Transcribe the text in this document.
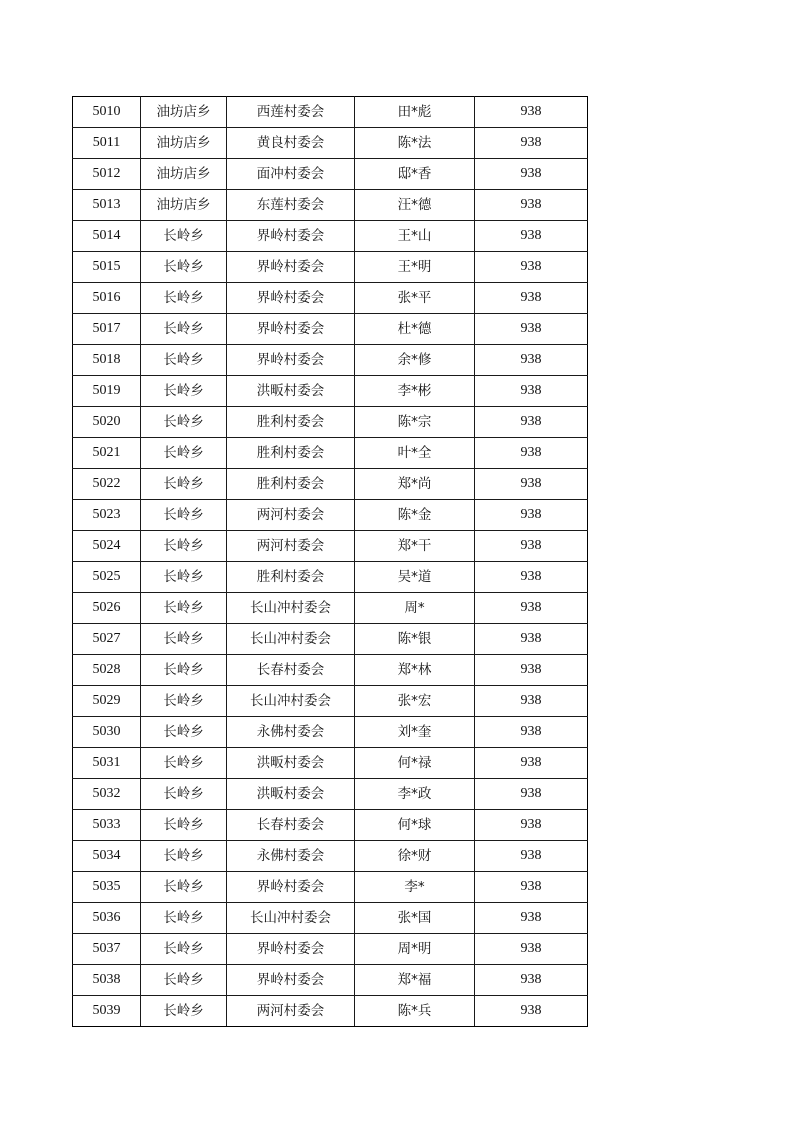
5010	油坊店乡	西莲村委会	田*彪	938
5011	油坊店乡	黄良村委会	陈*法	938
5012	油坊店乡	面冲村委会	邸*香	938
5013	油坊店乡	东莲村委会	汪*德	938
5014	长岭乡	界岭村委会	王*山	938
5015	长岭乡	界岭村委会	王*明	938
5016	长岭乡	界岭村委会	张*平	938
5017	长岭乡	界岭村委会	杜*德	938
5018	长岭乡	界岭村委会	余*修	938
5019	长岭乡	洪畈村委会	李*彬	938
5020	长岭乡	胜利村委会	陈*宗	938
5021	长岭乡	胜利村委会	叶*全	938
5022	长岭乡	胜利村委会	郑*尚	938
5023	长岭乡	两河村委会	陈*金	938
5024	长岭乡	两河村委会	郑*干	938
5025	长岭乡	胜利村委会	吴*道	938
5026	长岭乡	长山冲村委会	周*	938
5027	长岭乡	长山冲村委会	陈*银	938
5028	长岭乡	长春村委会	郑*林	938
5029	长岭乡	长山冲村委会	张*宏	938
5030	长岭乡	永佛村委会	刘*奎	938
5031	长岭乡	洪畈村委会	何*禄	938
5032	长岭乡	洪畈村委会	李*政	938
5033	长岭乡	长春村委会	何*球	938
5034	长岭乡	永佛村委会	徐*财	938
5035	长岭乡	界岭村委会	李*	938
5036	长岭乡	长山冲村委会	张*国	938
5037	长岭乡	界岭村委会	周*明	938
5038	长岭乡	界岭村委会	郑*福	938
5039	长岭乡	两河村委会	陈*兵	938
